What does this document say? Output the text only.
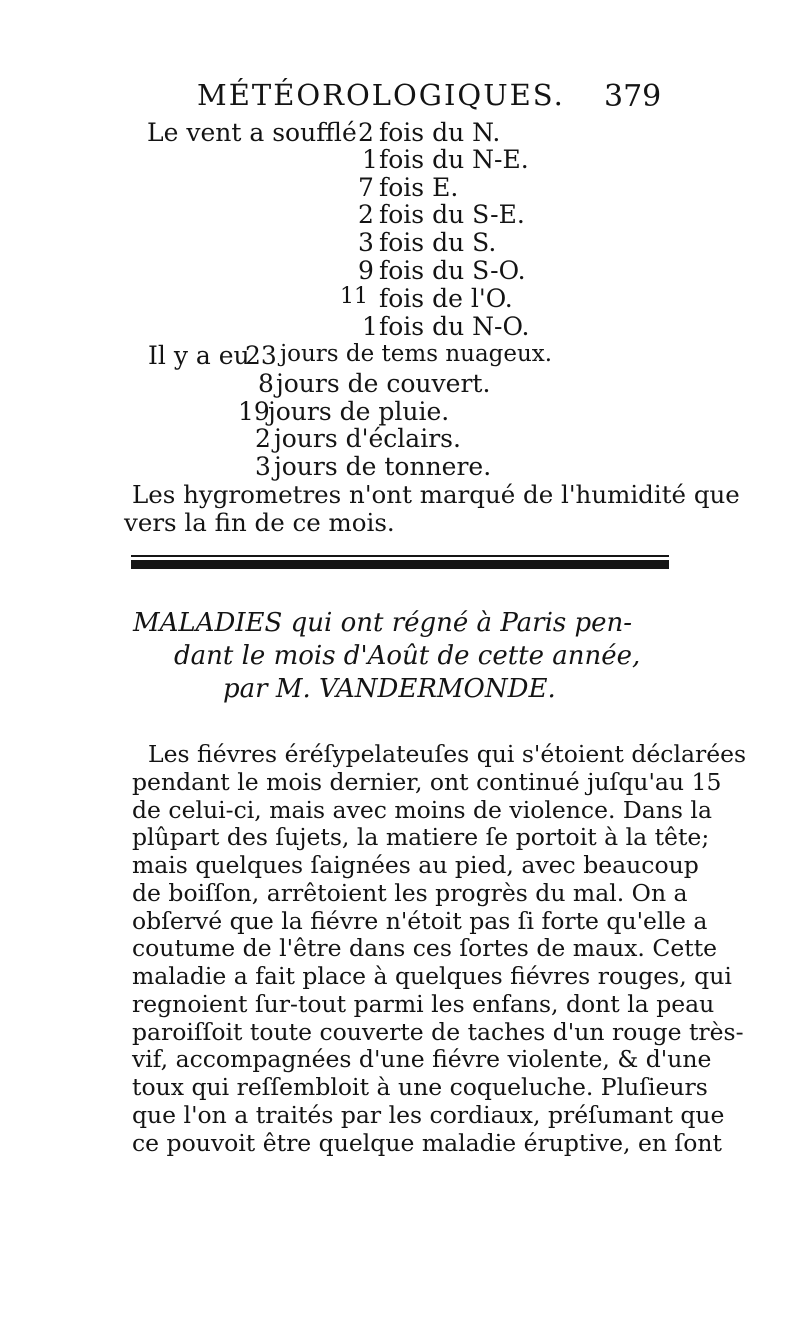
MÉTÉOROLOGIQUES. 379
Le vent a soufflé 2 fois du N.
1 fois du N-E.
7 fois E.
2 fois du S-E.
3 fois du S.
9 fois du S-O.
11 fois de l'O.
1 fois du N-O.
Il y a eu
23 jours de tems nuageux.
8 jours de couvert.
19
jours de pluie.
2 jours d'éclairs.
3 jours de tonnere.
Les hygrometres n'ont marqué de l'humidité que
vers la fin de ce mois.
MALADIES qui ont régné à Paris pen-
dant le mois d'Août de cette année,
par M. VANDERMONDE.
Les fiévres éréſypelateuſes qui s'étoient déclarées
pendant le mois dernier, ont continué juſqu'au 15
de celui-ci, mais avec moins de violence. Dans la
plûpart des ſujets, la matiere ſe portoit à la tête;
mais quelques ſaignées au pied, avec beaucoup
de boiſſon, arrêtoient les progrès du mal. On a
obſervé que la fiévre n'étoit pas ſi forte qu'elle a
coutume de l'être dans ces ſortes de maux. Cette
maladie a fait place à quelques fiévres rouges, qui
regnoient ſur-tout parmi les enfans, dont la peau
paroiſſoit toute couverte de taches d'un rouge très-
vif, accompagnées d'une fiévre violente, & d'une
toux qui reſſembloit à une coqueluche. Pluſieurs
que l'on a traités par les cordiaux, préſumant que
ce pouvoit être quelque maladie éruptive, en ſont
